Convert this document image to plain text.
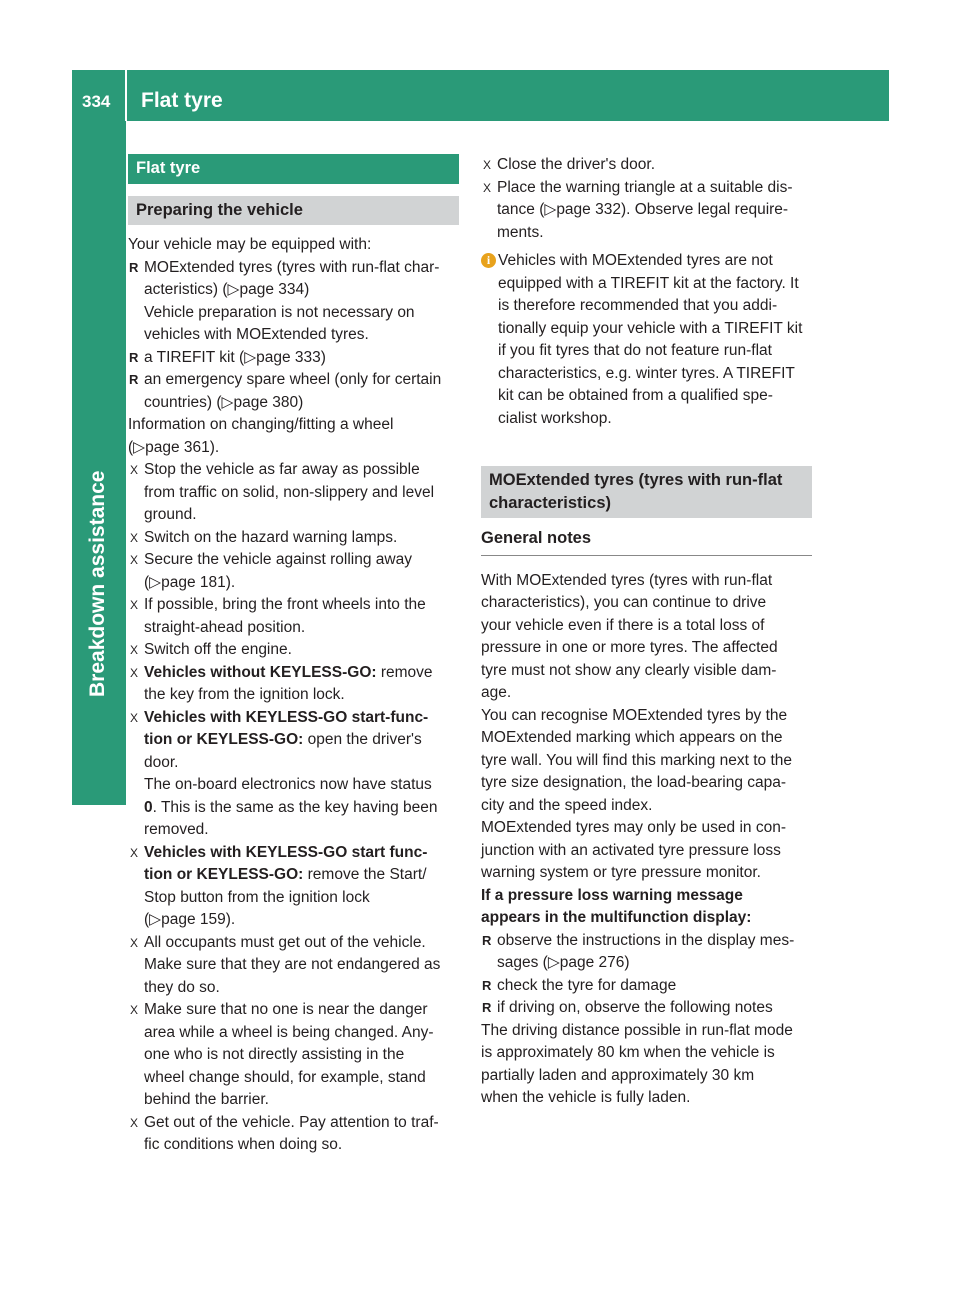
334 Flat tyre
Breakdown assistance
Flat tyre
Preparing the vehicle

Your vehicle may be equipped with:

R MOExtended tyres (tyres with run-flat char-
acteristics) (▷page 334)
Vehicle preparation is not necessary on
vehicles with MOExtended tyres.
R a TIREFIT kit (▷page 333)
R an emergency spare wheel (only for certain
countries) (▷page 380)

Information on changing/fitting a wheel
(▷page 361).

X Stop the vehicle as far away as possible
from traffic on solid, non-slippery and level
ground.
X Switch on the hazard warning lamps.
X Secure the vehicle against rolling away
(▷page 181).
X If possible, bring the front wheels into the
straight-ahead position.
X Switch off the engine.
X Vehicles without KEYLESS-GO: remove
the key from the ignition lock.
X Vehicles with KEYLESS-GO start-func-
tion or KEYLESS-GO: open the driver's
door.
The on-board electronics now have status
0. This is the same as the key having been
removed.
X Vehicles with KEYLESS-GO start func-
tion or KEYLESS-GO: remove the Start/
Stop button from the ignition lock
(▷page 159).
X All occupants must get out of the vehicle.
Make sure that they are not endangered as
they do so.
X Make sure that no one is near the danger
area while a wheel is being changed. Any-
one who is not directly assisting in the
wheel change should, for example, stand
behind the barrier.
X Get out of the vehicle. Pay attention to traf-
fic conditions when doing so.
X Close the driver's door.
X Place the warning triangle at a suitable dis-
tance (▷page 332). Observe legal require-
ments.
i Vehicles with MOExtended tyres are not
equipped with a TIREFIT kit at the factory. It
is therefore recommended that you addi-
tionally equip your vehicle with a TIREFIT kit
if you fit tyres that do not feature run-flat
characteristics, e.g. winter tyres. A TIREFIT
kit can be obtained from a qualified spe-
cialist workshop.
MOExtended tyres (tyres with run-flat
characteristics)
General notes

With MOExtended tyres (tyres with run-flat
characteristics), you can continue to drive
your vehicle even if there is a total loss of
pressure in one or more tyres. The affected
tyre must not show any clearly visible dam-
age.

You can recognise MOExtended tyres by the
MOExtended marking which appears on the
tyre wall. You will find this marking next to the
tyre size designation, the load-bearing capa-
city and the speed index.

MOExtended tyres may only be used in con-
junction with an activated tyre pressure loss
warning system or tyre pressure monitor.

If a pressure loss warning message
appears in the multifunction display:

R observe the instructions in the display mes-
sages (▷page 276)
R check the tyre for damage
R if driving on, observe the following notes

The driving distance possible in run-flat mode
is approximately 80 km when the vehicle is
partially laden and approximately 30 km
when the vehicle is fully laden.
